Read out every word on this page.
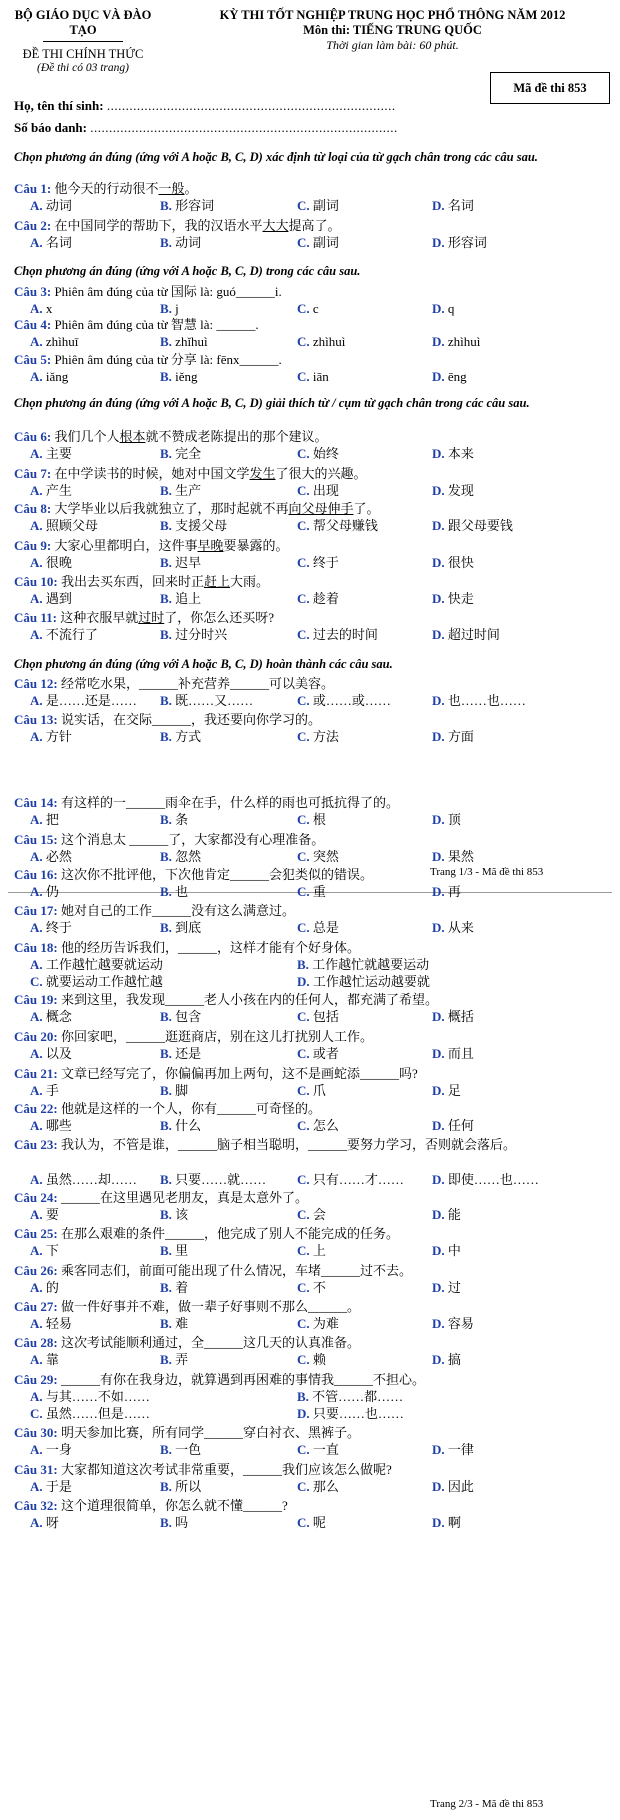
BỘ GIÁO DỤC VÀ ĐÀO TẠO
ĐỀ THI CHÍNH THỨC
(Đề thi có 03 trang)
KỲ THI TỐT NGHIỆP TRUNG HỌC PHỔ THÔNG NĂM 2012
Môn thi: TIẾNG TRUNG QUỐC
Thời gian làm bài: 60 phút.
Mã đề thi 853
Họ, tên thí sinh: .............................................................................
Số báo danh: ..................................................................................
Trang 1/3 - Mã đề thi 853
Trang 2/3 - Mã đề thi 853
Chọn phương án đúng (ứng với A hoặc B, C, D) xác định từ loại của từ gạch chân trong các câu sau.
Chọn phương án đúng (ứng với A hoặc B, C, D) trong các câu sau.
Chọn phương án đúng (ứng với A hoặc B, C, D) giải thích từ / cụm từ gạch chân trong các câu sau.
Chọn phương án đúng (ứng với A hoặc B, C, D) hoàn thành các câu sau.
Câu 1: 他今天的行动很不一般。
A. 动词	B. 形容词	C. 副词	D. 名词
Câu 2: 在中国同学的帮助下，我的汉语水平大大提高了。
A. 名词	B. 动词	C. 副词	D. 形容词
Câu 3: Phiên âm đúng của từ 国际 là: guó______i.
A. x	B. j	C. c	D. q
Câu 4: Phiên âm đúng của từ 智慧 là: ______.
A. zhìhuī	B. zhǐhuì	C. zhìhuì	D. zhìhuì
Câu 5: Phiên âm đúng của từ 分享 là: fēnx______.
A. iǎng	B. iěng	C. iān	D. ēng
Câu 6: 我们几个人根本就不赞成老陈提出的那个建议。
A. 主要	B. 完全	C. 始终	D. 本来
Câu 7: 在中学读书的时候，她对中国文学发生了很大的兴趣。
A. 产生	B. 生产	C. 出现	D. 发现
Câu 8: 大学毕业以后我就独立了，那时起就不再向父母伸手了。
A. 照顾父母	B. 支援父母	C. 帮父母赚钱	D. 跟父母要钱
Câu 9: 大家心里都明白，这件事早晚要暴露的。
A. 很晚	B. 迟早	C. 终于	D. 很快
Câu 10: 我出去买东西，回来时正赶上大雨。
A. 遇到	B. 追上	C. 趁着	D. 快走
Câu 11: 这种衣服早就过时了，你怎么还买呀?
A. 不流行了	B. 过分时兴	C. 过去的时间	D. 超过时间
Câu 12: 经常吃水果，______补充营养______可以美容。
A. 是……还是…… B. 既……又……	C. 或……或……	D. 也……也……
Câu 13: 说实话，在交际______，我还要向你学习的。
A. 方针	B. 方式	C. 方法	D. 方面
Câu 14: 有这样的一______雨伞在手，什么样的雨也可抵抗得了的。
A. 把	B. 条	C. 根	D. 顶
Câu 15: 这个消息太 ______了，大家都没有心理准备。
A. 必然	B. 忽然	C. 突然	D. 果然
Câu 16: 这次你不批评他，下次他肯定______会犯类似的错误。
A. 仍	B. 也	C. 重	D. 再
Câu 17: 她对自己的工作______没有这么满意过。
A. 终于	B. 到底	C. 总是	D. 从来
Câu 18: 他的经历告诉我们，______，这样才能有个好身体。
A. 工作越忙越要就运动	B. 工作越忙就越要运动
C. 就要运动工作越忙越	D. 工作越忙运动越要就
Câu 19: 来到这里，我发现______老人小孩在内的任何人，都充满了希望。
A. 概念	B. 包含	C. 包括	D. 概括
Câu 20: 你回家吧，______逛逛商店，别在这儿打扰别人工作。
A. 以及	B. 还是	C. 或者	D. 而且
Câu 21: 文章已经写完了，你偏偏再加上两句，这不是画蛇添______吗?
A. 手	B. 脚	C. 爪	D. 足
Câu 22: 他就是这样的一个人，你有______可奇怪的。
A. 哪些	B. 什么	C. 怎么	D. 任何
Câu 23: 我认为，不管是谁，______脑子相当聪明，______要努力学习，否则就会落后。
A. 虽然……却…… B. 只要……就…… C. 只有……才…… D. 即使……也……
Câu 24: ______在这里遇见老朋友，真是太意外了。
A. 要	B. 该	C. 会	D. 能
Câu 25: 在那么艰难的条件______，他完成了别人不能完成的任务。
A. 下	B. 里	C. 上	D. 中
Câu 26: 乘客同志们，前面可能出现了什么情况，车堵______过不去。
A. 的	B. 着	C. 不	D. 过
Câu 27: 做一件好事并不难，做一辈子好事则不那么______。
A. 轻易	B. 难	C. 为难	D. 容易
Câu 28: 这次考试能顺利通过，全______这几天的认真准备。
A. 靠	B. 弄	C. 赖	D. 搞
Câu 29: ______有你在我身边，就算遇到再困难的事情我______不担心。
A. 与其……不如……	B. 不管……都……
C. 虽然……但是……	D. 只要……也……
Câu 30: 明天参加比赛，所有同学______穿白衬衣、黑裤子。
A. 一身	B. 一色	C. 一直	D. 一律
Câu 31: 大家都知道这次考试非常重要，______我们应该怎么做呢?
A. 于是	B. 所以	C. 那么	D. 因此
Câu 32: 这个道理很简单，你怎么就不懂______?
A. 呀	B. 吗	C. 呢	D. 啊
